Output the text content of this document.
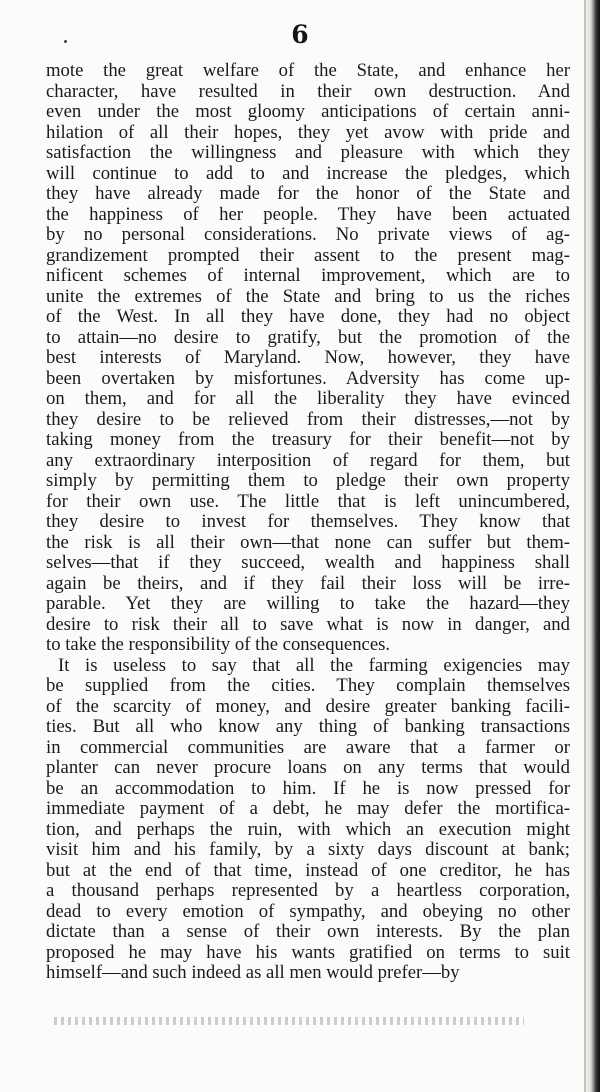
6
mote the great welfare of the State, and enhance her
character, have resulted in their own destruction. And
even under the most gloomy anticipations of certain anni-
hilation of all their hopes, they yet avow with pride and
satisfaction the willingness and pleasure with which they
will continue to add to and increase the pledges, which
they have already made for the honor of the State and
the happiness of her people. They have been actuated
by no personal considerations. No private views of ag-
grandizement prompted their assent to the present mag-
nificent schemes of internal improvement, which are to
unite the extremes of the State and bring to us the riches
of the West. In all they have done, they had no object
to attain—no desire to gratify, but the promotion of the
best interests of Maryland. Now, however, they have
been overtaken by misfortunes. Adversity has come up-
on them, and for all the liberality they have evinced
they desire to be relieved from their distresses,—not by
taking money from the treasury for their benefit—not by
any extraordinary interposition of regard for them, but
simply by permitting them to pledge their own property
for their own use. The little that is left unincumbered,
they desire to invest for themselves. They know that
the risk is all their own—that none can suffer but them-
selves—that if they succeed, wealth and happiness shall
again be theirs, and if they fail their loss will be irre-
parable. Yet they are willing to take the hazard—they
desire to risk their all to save what is now in danger, and
to take the responsibility of the consequences.
It is useless to say that all the farming exigencies may
be supplied from the cities. They complain themselves
of the scarcity of money, and desire greater banking facili-
ties. But all who know any thing of banking transactions
in commercial communities are aware that a farmer or
planter can never procure loans on any terms that would
be an accommodation to him. If he is now pressed for
immediate payment of a debt, he may defer the mortifica-
tion, and perhaps the ruin, with which an execution might
visit him and his family, by a sixty days discount at bank;
but at the end of that time, instead of one creditor, he has
a thousand perhaps represented by a heartless corporation,
dead to every emotion of sympathy, and obeying no other
dictate than a sense of their own interests. By the plan
proposed he may have his wants gratified on terms to suit
himself—and such indeed as all men would prefer—by
